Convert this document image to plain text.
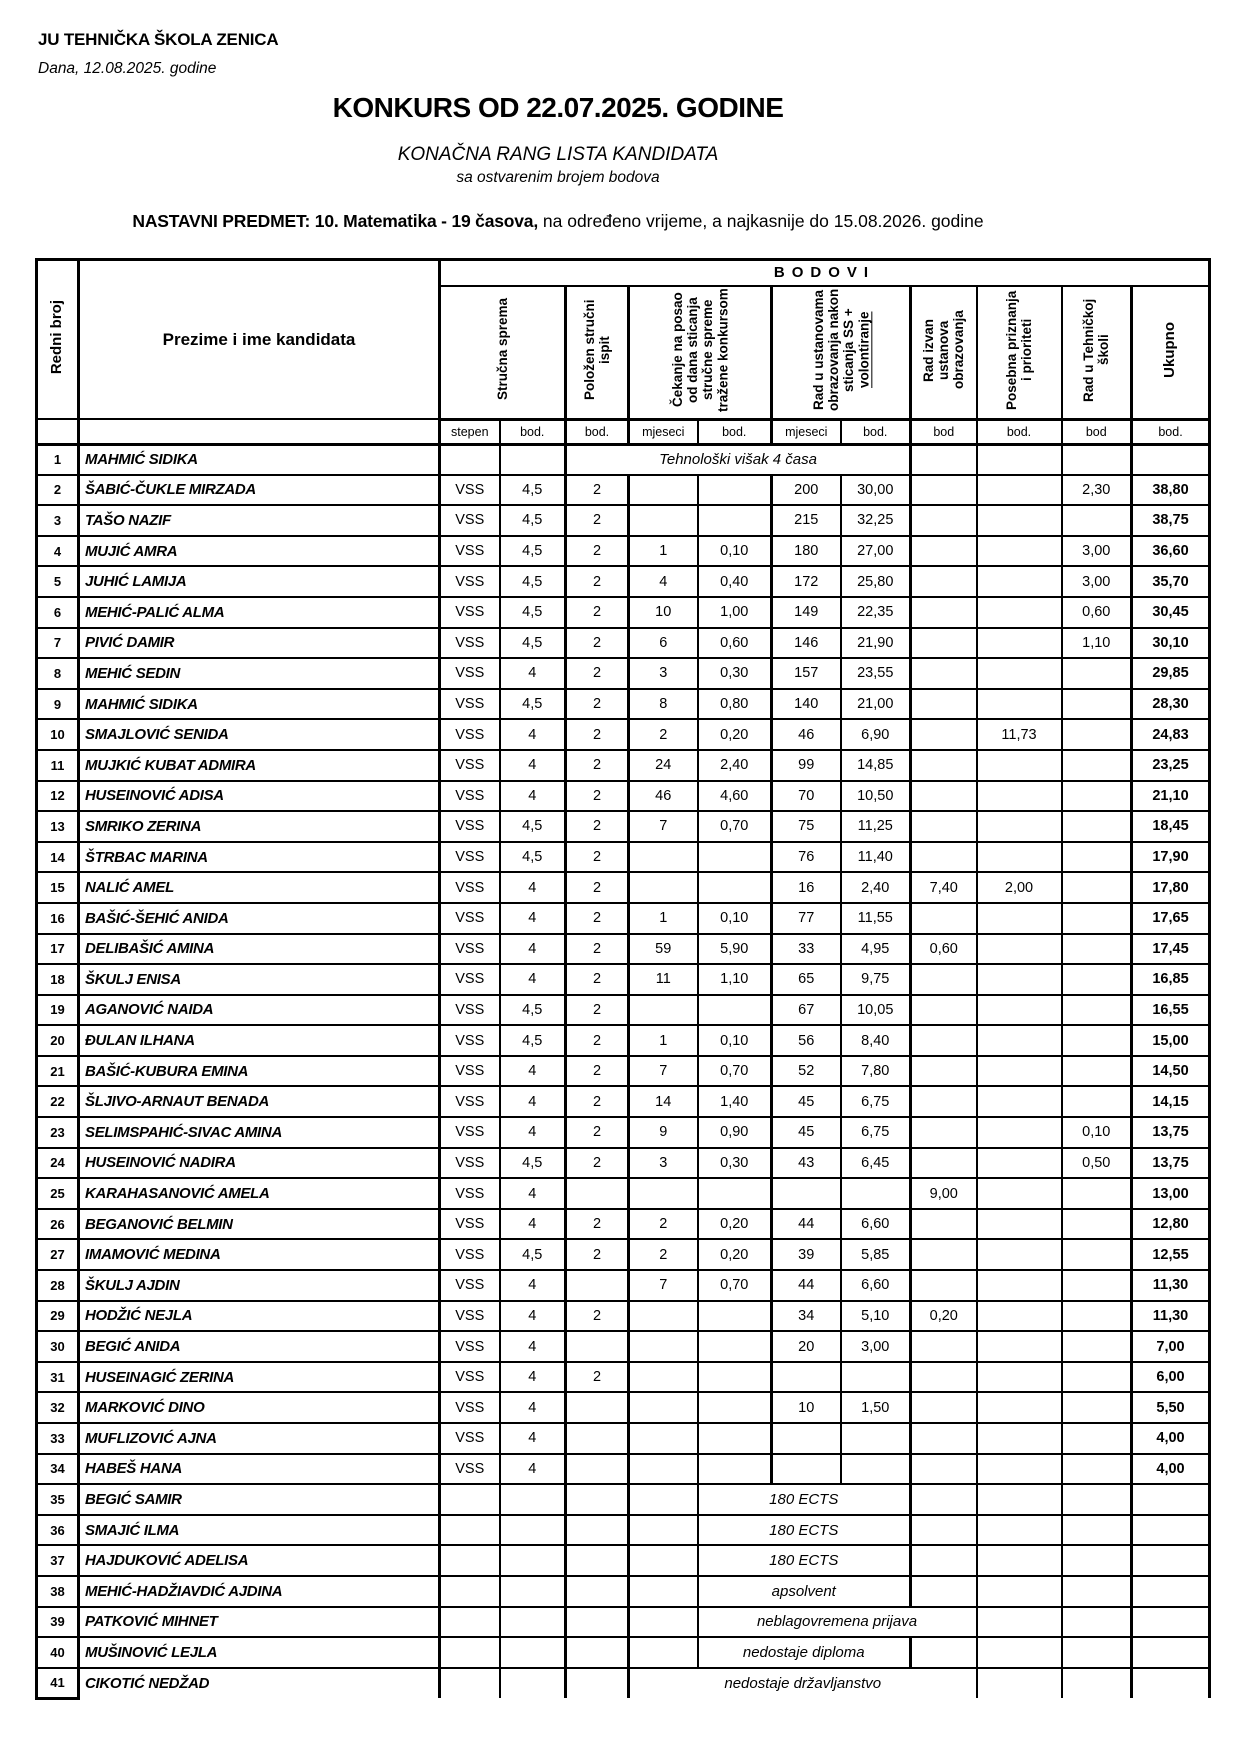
JU TEHNIČKA ŠKOLA ZENICA
Dana, 12.08.2025. godine
KONKURS OD 22.07.2025. GODINE
KONAČNA RANG LISTA KANDIDATA
sa ostvarenim brojem bodova
NASTAVNI PREDMET: 10. Matematika - 19 časova, na određeno vrijeme, a najkasnije do 15.08.2026. godine
Redni broj	Prezime i ime kandidata	BODOVI										
		Stručna sprema		Položen stručni ispit	Čekanje na posao od dana sticanja stručne spreme tražene konkursom		Rad u ustanovama obrazovanja nakon sticanja SS + volontiranje		Rad izvan ustanova obrazovanja	Posebna priznanja i prioriteti	Rad u Tehničkoj školi	Ukupno
		stepen	bod.	bod.	mjeseci	bod.	mjeseci	bod.	bod	bod.	bod	bod.
1	MAHMIĆ SIDIKA			Tehnološki višak 4 časa								
2	ŠABIĆ-ČUKLE MIRZADA	VSS	4,5	2			200	30,00			2,30	38,80
3	TAŠO NAZIF	VSS	4,5	2			215	32,25				38,75
4	MUJIĆ AMRA	VSS	4,5	2	1	0,10	180	27,00			3,00	36,60
5	JUHIĆ LAMIJA	VSS	4,5	2	4	0,40	172	25,80			3,00	35,70
6	MEHIĆ-PALIĆ ALMA	VSS	4,5	2	10	1,00	149	22,35			0,60	30,45
7	PIVIĆ DAMIR	VSS	4,5	2	6	0,60	146	21,90			1,10	30,10
8	MEHIĆ SEDIN	VSS	4	2	3	0,30	157	23,55				29,85
9	MAHMIĆ SIDIKA	VSS	4,5	2	8	0,80	140	21,00				28,30
10	SMAJLOVIĆ SENIDA	VSS	4	2	2	0,20	46	6,90		11,73		24,83
11	MUJKIĆ KUBAT ADMIRA	VSS	4	2	24	2,40	99	14,85				23,25
12	HUSEINOVIĆ ADISA	VSS	4	2	46	4,60	70	10,50				21,10
13	SMRIKO ZERINA	VSS	4,5	2	7	0,70	75	11,25				18,45
14	ŠTRBAC MARINA	VSS	4,5	2			76	11,40				17,90
15	NALIĆ AMEL	VSS	4	2			16	2,40	7,40	2,00		17,80
16	BAŠIĆ-ŠEHIĆ ANIDA	VSS	4	2	1	0,10	77	11,55				17,65
17	DELIBAŠIĆ AMINA	VSS	4	2	59	5,90	33	4,95	0,60			17,45
18	ŠKULJ ENISA	VSS	4	2	11	1,10	65	9,75				16,85
19	AGANOVIĆ NAIDA	VSS	4,5	2			67	10,05				16,55
20	ĐULAN ILHANA	VSS	4,5	2	1	0,10	56	8,40				15,00
21	BAŠIĆ-KUBURA EMINA	VSS	4	2	7	0,70	52	7,80				14,50
22	ŠLJIVO-ARNAUT BENADA	VSS	4	2	14	1,40	45	6,75				14,15
23	SELIMSPAHIĆ-SIVAC AMINA	VSS	4	2	9	0,90	45	6,75			0,10	13,75
24	HUSEINOVIĆ NADIRA	VSS	4,5	2	3	0,30	43	6,45			0,50	13,75
25	KARAHASANOVIĆ AMELA	VSS	4						9,00			13,00
26	BEGANOVIĆ BELMIN	VSS	4	2	2	0,20	44	6,60				12,80
27	IMAMOVIĆ MEDINA	VSS	4,5	2	2	0,20	39	5,85				12,55
28	ŠKULJ AJDIN	VSS	4		7	0,70	44	6,60				11,30
29	HODŽIĆ NEJLA	VSS	4	2			34	5,10	0,20			11,30
30	BEGIĆ ANIDA	VSS	4				20	3,00				7,00
31	HUSEINAGIĆ ZERINA	VSS	4	2								6,00
32	MARKOVIĆ DINO	VSS	4				10	1,50				5,50
33	MUFLIZOVIĆ AJNA	VSS	4									4,00
34	HABEŠ HANA	VSS	4									4,00
35	BEGIĆ SAMIR					180 ECTS						
36	SMAJIĆ ILMA					180 ECTS						
37	HAJDUKOVIĆ ADELISA					180 ECTS						
38	MEHIĆ-HADŽIAVDIĆ AJDINA					apsolvent						
39	PATKOVIĆ MIHNET					neblagovremena prijava						
40	MUŠINOVIĆ LEJLA					nedostaje diploma						
41	CIKOTIĆ NEDŽAD				nedostaje državljanstvo							
